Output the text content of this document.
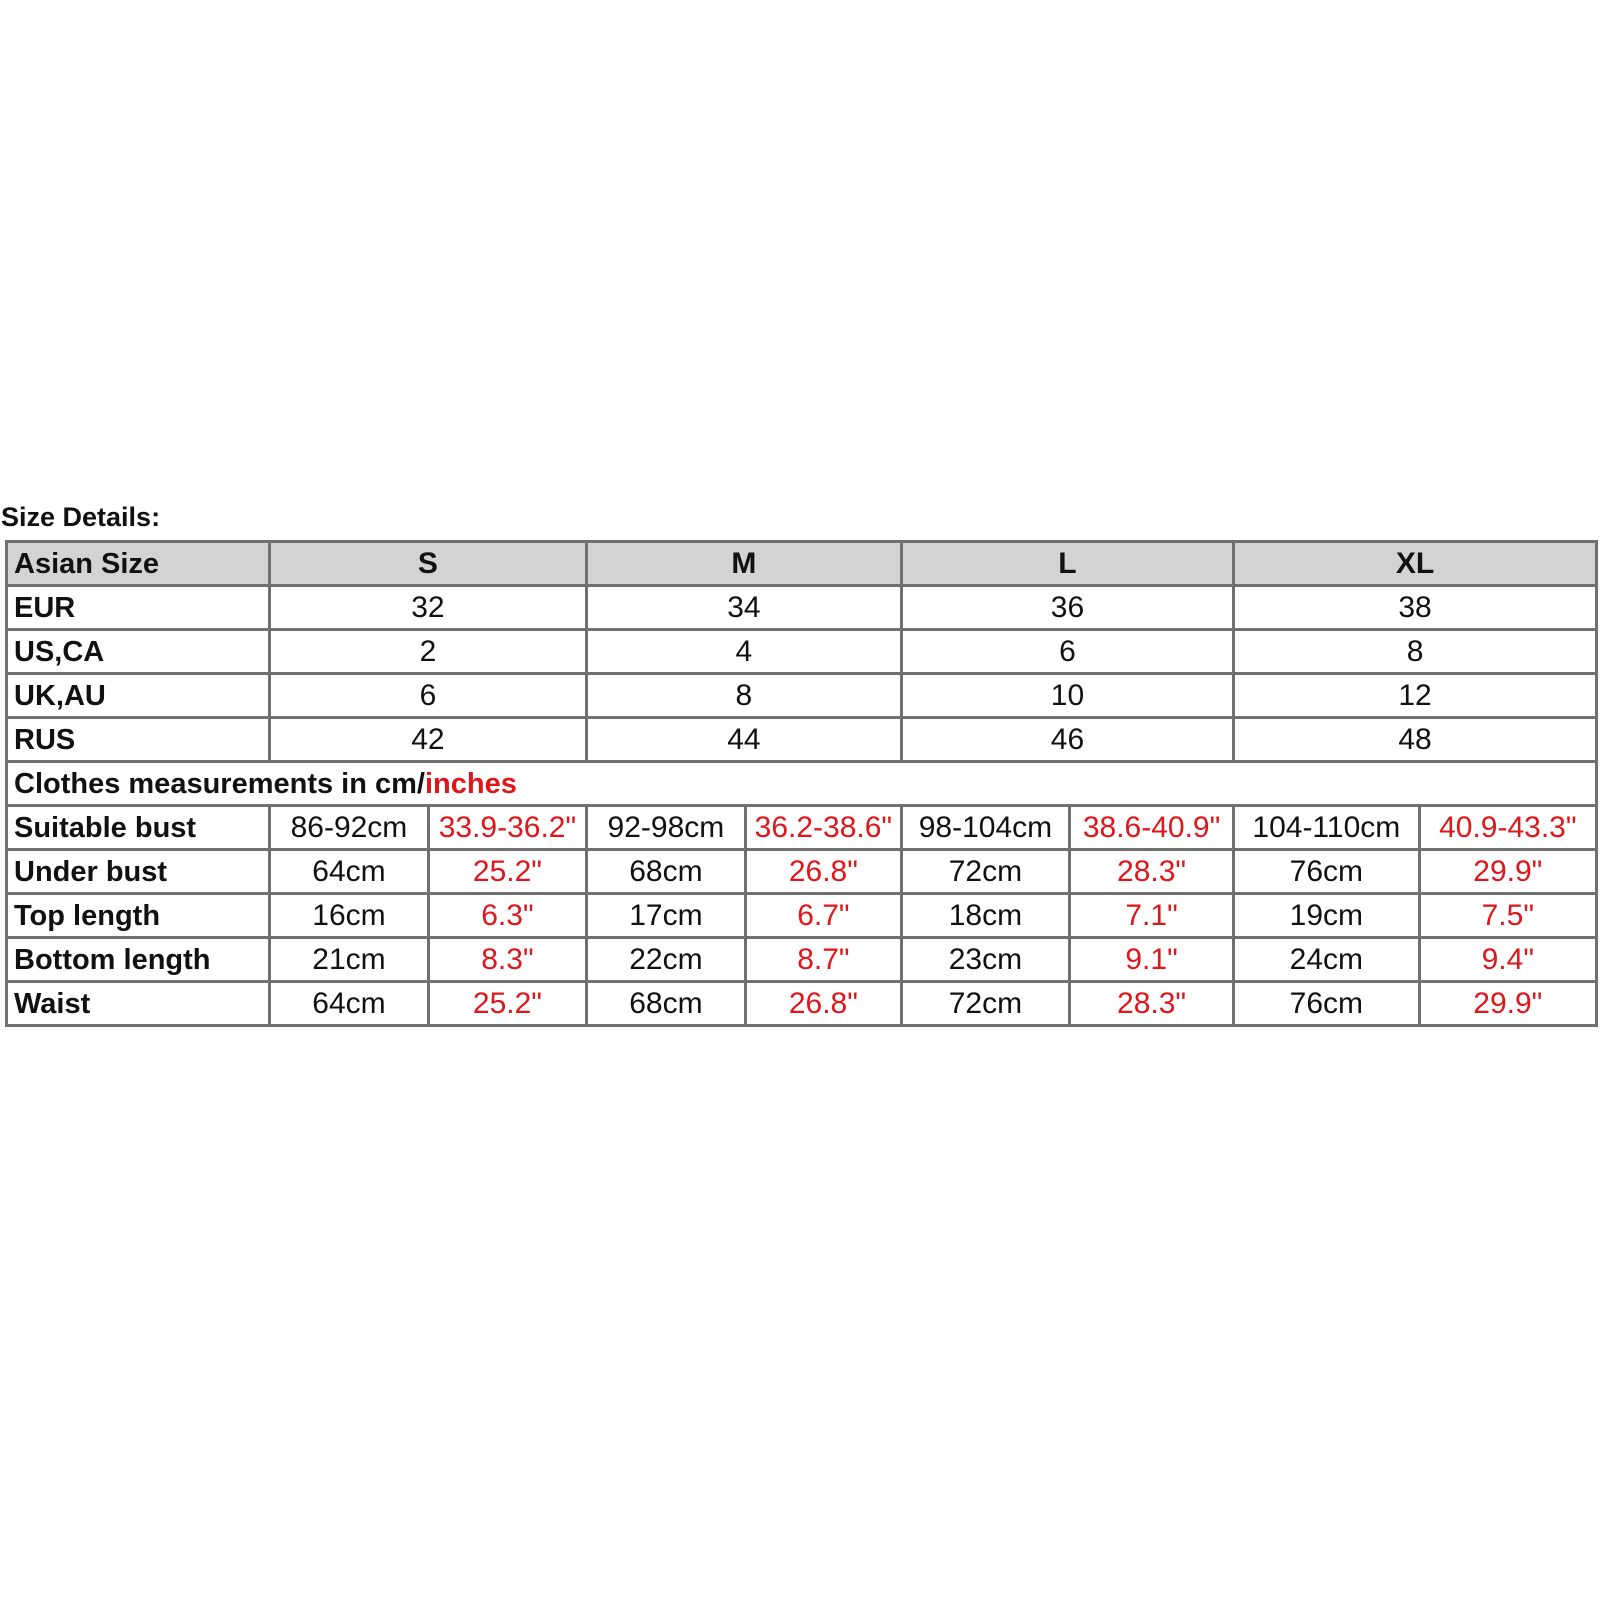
Size Details:
Asian Size	S		M		L		XL	
EUR	32		34		36		38	
US,CA	2		4		6		8	
UK,AU	6		8		10		12	
RUS	42		44		46		48	
Clothes measurements in cm/inches								
Suitable bust	86-92cm	33.9-36.2"	92-98cm	36.2-38.6"	98-104cm	38.6-40.9"	104-110cm	40.9-43.3"
Under bust	64cm	25.2"	68cm	26.8"	72cm	28.3"	76cm	29.9"
Top length	16cm	6.3"	17cm	6.7"	18cm	7.1"	19cm	7.5"
Bottom length	21cm	8.3"	22cm	8.7"	23cm	9.1"	24cm	9.4"
Waist	64cm	25.2"	68cm	26.8"	72cm	28.3"	76cm	29.9"
